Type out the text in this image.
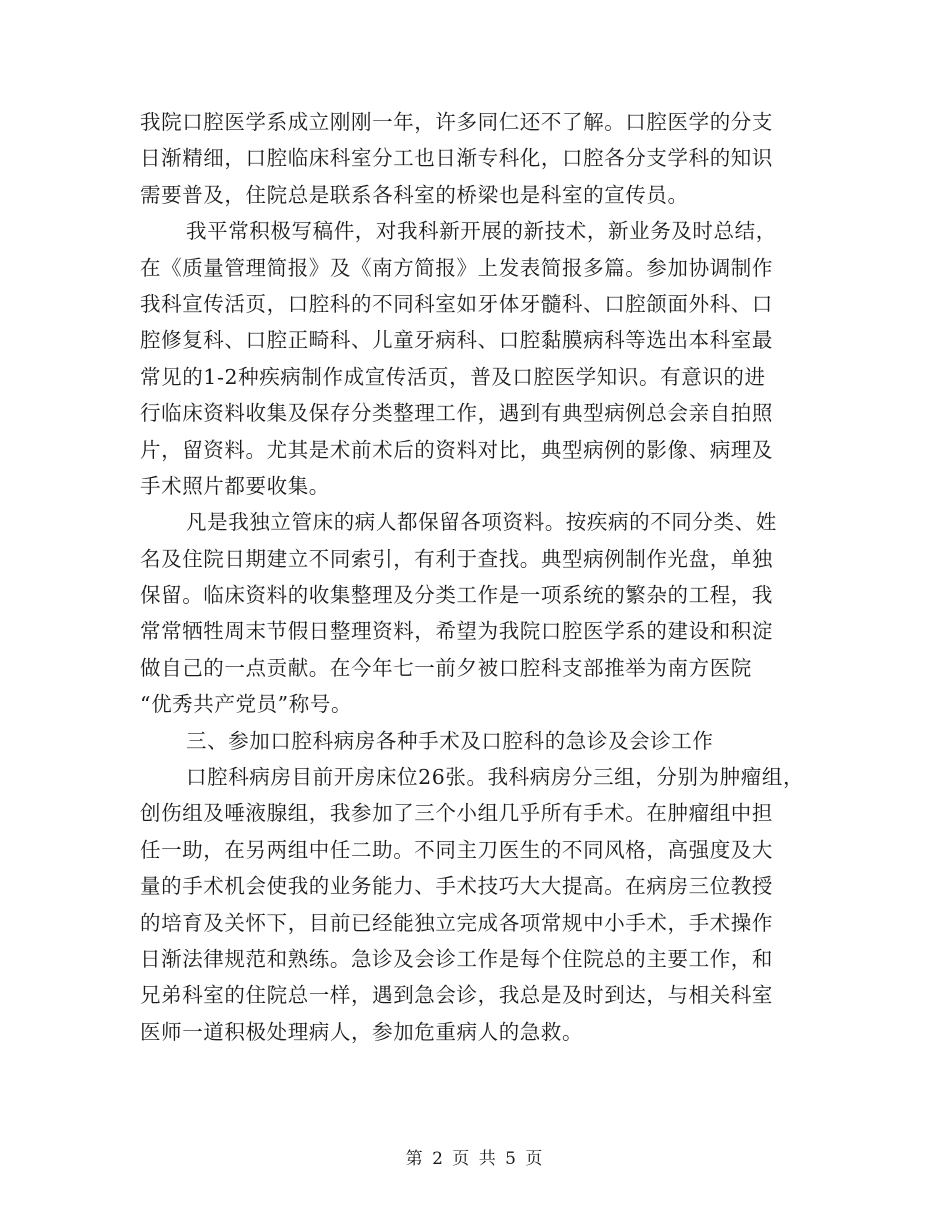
我院口腔医学系成立刚刚一年，许多同仁还不了解。口腔医学的分支
日渐精细，口腔临床科室分工也日渐专科化，口腔各分支学科的知识
需要普及，住院总是联系各科室的桥梁也是科室的宣传员。
我平常积极写稿件，对我科新开展的新技术，新业务及时总结，
在《质量管理简报》及《南方简报》上发表简报多篇。参加协调制作
我科宣传活页，口腔科的不同科室如牙体牙髓科、口腔颌面外科、口
腔修复科、口腔正畸科、儿童牙病科、口腔黏膜病科等选出本科室最
常见的1-2种疾病制作成宣传活页，普及口腔医学知识。有意识的进
行临床资料收集及保存分类整理工作，遇到有典型病例总会亲自拍照
片，留资料。尤其是术前术后的资料对比，典型病例的影像、病理及
手术照片都要收集。
凡是我独立管床的病人都保留各项资料。按疾病的不同分类、姓
名及住院日期建立不同索引，有利于查找。典型病例制作光盘，单独
保留。临床资料的收集整理及分类工作是一项系统的繁杂的工程，我
常常牺牲周末节假日整理资料，希望为我院口腔医学系的建设和积淀
做自己的一点贡献。在今年七一前夕被口腔科支部推举为南方医院
“优秀共产党员”称号。
三、参加口腔科病房各种手术及口腔科的急诊及会诊工作
口腔科病房目前开房床位26张。我科病房分三组，分别为肿瘤组，
创伤组及唾液腺组，我参加了三个小组几乎所有手术。在肿瘤组中担
任一助，在另两组中任二助。不同主刀医生的不同风格，高强度及大
量的手术机会使我的业务能力、手术技巧大大提高。在病房三位教授
的培育及关怀下，目前已经能独立完成各项常规中小手术，手术操作
日渐法律规范和熟练。急诊及会诊工作是每个住院总的主要工作，和
兄弟科室的住院总一样，遇到急会诊，我总是及时到达，与相关科室
医师一道积极处理病人，参加危重病人的急救。
第 2 页 共 5 页
